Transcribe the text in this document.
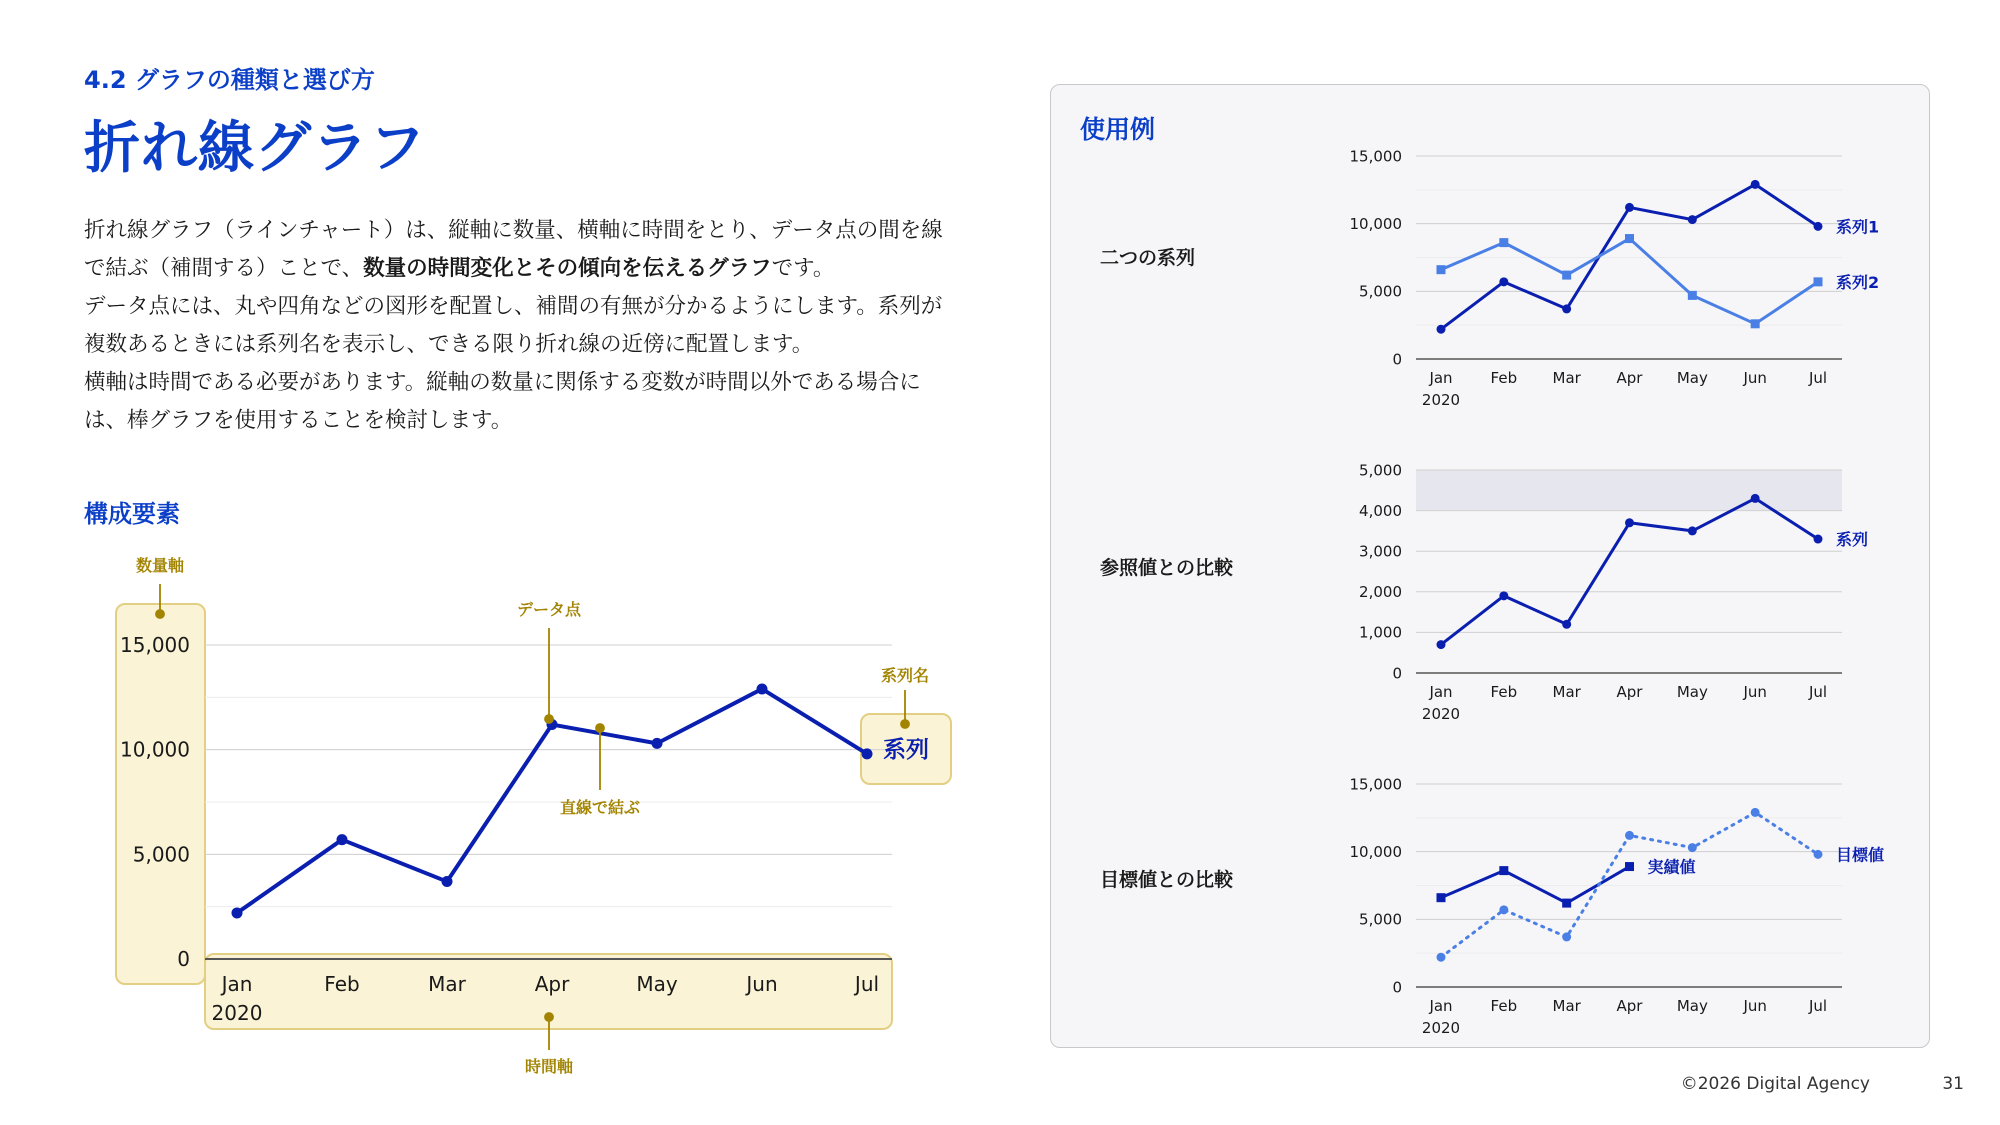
4.2 グラフの種類と選び方
折れ線グラフ

折れ線グラフ（ラインチャート）は、縦軸に数量、横軸に時間をとり、データ点の間を線
で結ぶ（補間する）ことで、数量の時間変化とその傾向を伝えるグラフです。

データ点には、丸や四角などの図形を配置し、補間の有無が分かるようにします。系列が
複数あるときには系列名を表示し、できる限り折れ線の近傍に配置します。

横軸は時間である必要があります。縦軸の数量に関係する変数が時間以外である場合に
は、棒グラフを使用することを検討します。

構成要素
0
5,000
10,000
15,000
Jan	Feb	Mar	Apr	May	Jun	Jul
2020
数量軸
データ点
系列名
直線で結ぶ
時間軸
系列
使用例
二つの系列
参照値との比較
目標値との比較
0
5,000
10,000
15,000
Jan	Feb Mar Apr May Jun	Jul
2020
系列1
系列2
0
1,000
2,000
3,000
4,000
5,000
Jan	Feb Mar Apr May Jun	Jul
2020
系列
0
5,000
10,000
15,000
Jan	Feb Mar Apr May Jun	Jul
2020
実績値
目標値
©2026 Digital Agency	31
